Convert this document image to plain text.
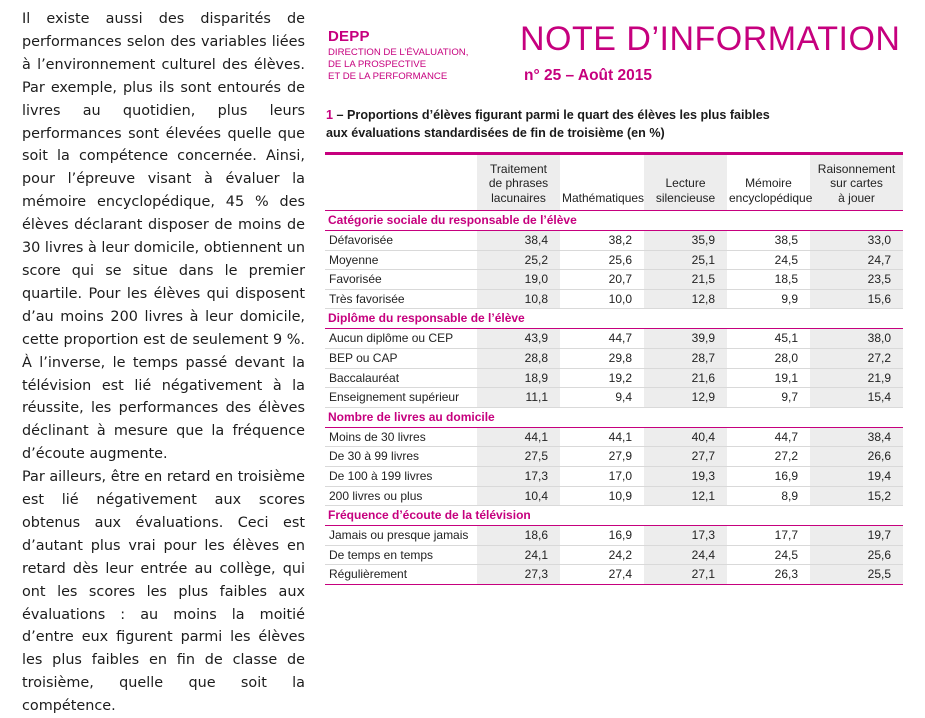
Il existe aussi des disparités de performances selon des variables liées à l’environnement culturel des élèves. Par exemple, plus ils sont entourés de livres au quotidien, plus leurs performances sont élevées quelle que soit la compétence concernée. Ainsi, pour l’épreuve visant à évaluer la mémoire encyclopédique, 45 % des élèves déclarant disposer de moins de 30 livres à leur domicile, obtiennent un score qui se situe dans le premier quartile. Pour les élèves qui disposent d’au moins 200 livres à leur domicile, cette proportion est de seulement 9 %. À l’inverse, le temps passé devant la télévision est lié négativement à la réussite, les performances des élèves déclinant à mesure que la fréquence d’écoute augmente.

Par ailleurs, être en retard en troisième est lié négativement aux scores obtenus aux évaluations. Ceci est d’autant plus vrai pour les élèves en retard dès leur entrée au collège, qui ont les scores les plus faibles aux évaluations : au moins la moitié d’entre eux figurent parmi les élèves les plus faibles en fin de classe de troisième, quelle que soit la compétence.

DEPP
DIRECTION DE L’ÉVALUATION,
DE LA PROSPECTIVE
ET DE LA PERFORMANCE
NOTE D’INFORMATION
n° 25 – Août 2015
1 – Proportions d’élèves figurant parmi le quart des élèves les plus faibles
aux évaluations standardisées de fin de troisième (en %)
	Traitement
de phrases
lacunaires	Mathématiques	Lecture
silencieuse	Mémoire
encyclopédique	Raisonnement
sur cartes
à jouer
Catégorie sociale du responsable de l’élève					
Défavorisée	38,4	38,2	35,9	38,5	33,0
Moyenne	25,2	25,6	25,1	24,5	24,7
Favorisée	19,0	20,7	21,5	18,5	23,5
Très favorisée	10,8	10,0	12,8	9,9	15,6
Diplôme du responsable de l’élève					
Aucun diplôme ou CEP	43,9	44,7	39,9	45,1	38,0
BEP ou CAP	28,8	29,8	28,7	28,0	27,2
Baccalauréat	18,9	19,2	21,6	19,1	21,9
Enseignement supérieur	11,1	9,4	12,9	9,7	15,4
Nombre de livres au domicile					
Moins de 30 livres	44,1	44,1	40,4	44,7	38,4
De 30 à 99 livres	27,5	27,9	27,7	27,2	26,6
De 100 à 199 livres	17,3	17,0	19,3	16,9	19,4
200 livres ou plus	10,4	10,9	12,1	8,9	15,2
Fréquence d’écoute de la télévision					
Jamais ou presque jamais	18,6	16,9	17,3	17,7	19,7
De temps en temps	24,1	24,2	24,4	24,5	25,6
Régulièrement	27,3	27,4	27,1	26,3	25,5
